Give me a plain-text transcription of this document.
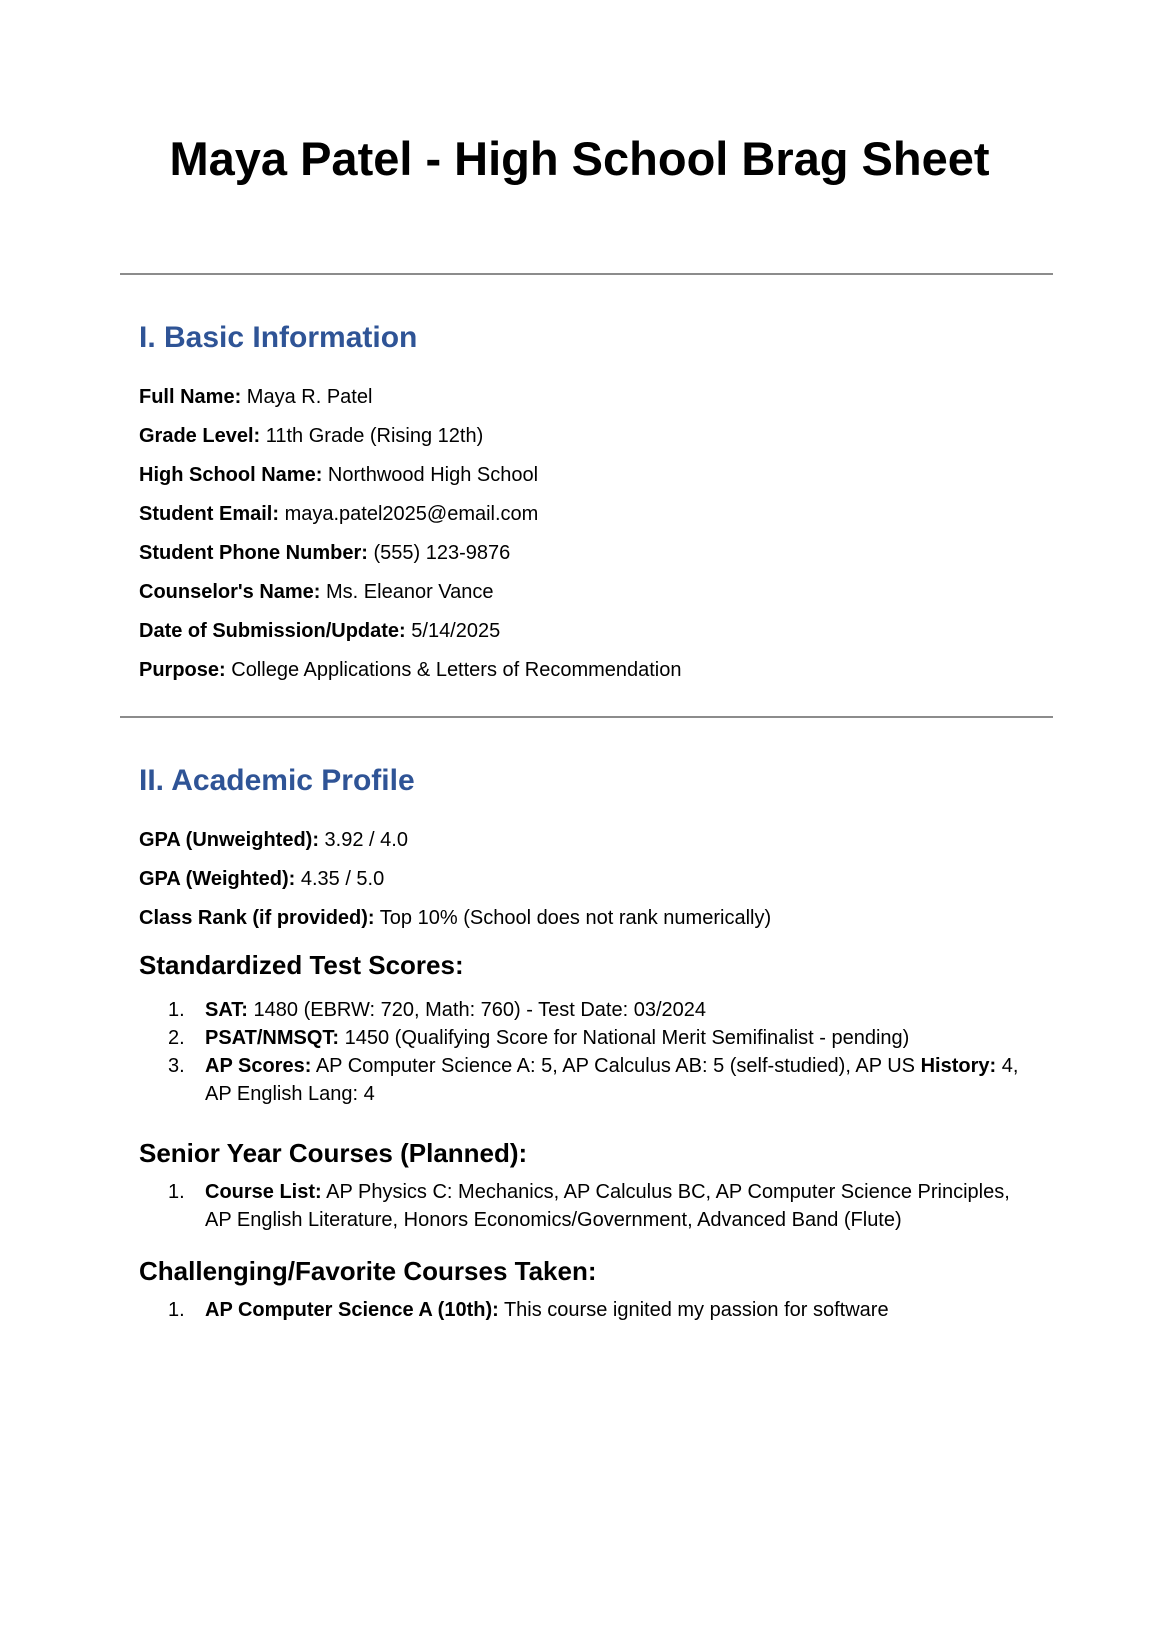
Maya Patel - High School Brag Sheet
I. Basic Information

Full Name: Maya R. Patel

Grade Level: 11th Grade (Rising 12th)

High School Name: Northwood High School

Student Email: maya.patel2025@email.com

Student Phone Number: (555) 123-9876

Counselor's Name: Ms. Eleanor Vance

Date of Submission/Update: 5/14/2025

Purpose: College Applications & Letters of Recommendation

II. Academic Profile

GPA (Unweighted): 3.92 / 4.0

GPA (Weighted): 4.35 / 5.0

Class Rank (if provided): Top 10% (School does not rank numerically)

Standardized Test Scores:
1.	SAT: 1480 (EBRW: 720, Math: 760) - Test Date: 03/2024
2.	PSAT/NMSQT: 1450 (Qualifying Score for National Merit Semifinalist - pending)
3.	AP Scores: AP Computer Science A: 5, AP Calculus AB: 5 (self-studied), AP US History: 4, AP English Lang: 4
Senior Year Courses (Planned):
1.	Course List: AP Physics C: Mechanics, AP Calculus BC, AP Computer Science Principles, AP English Literature, Honors Economics/Government, Advanced Band (Flute)
Challenging/Favorite Courses Taken:
1.	AP Computer Science A (10th): This course ignited my passion for software
